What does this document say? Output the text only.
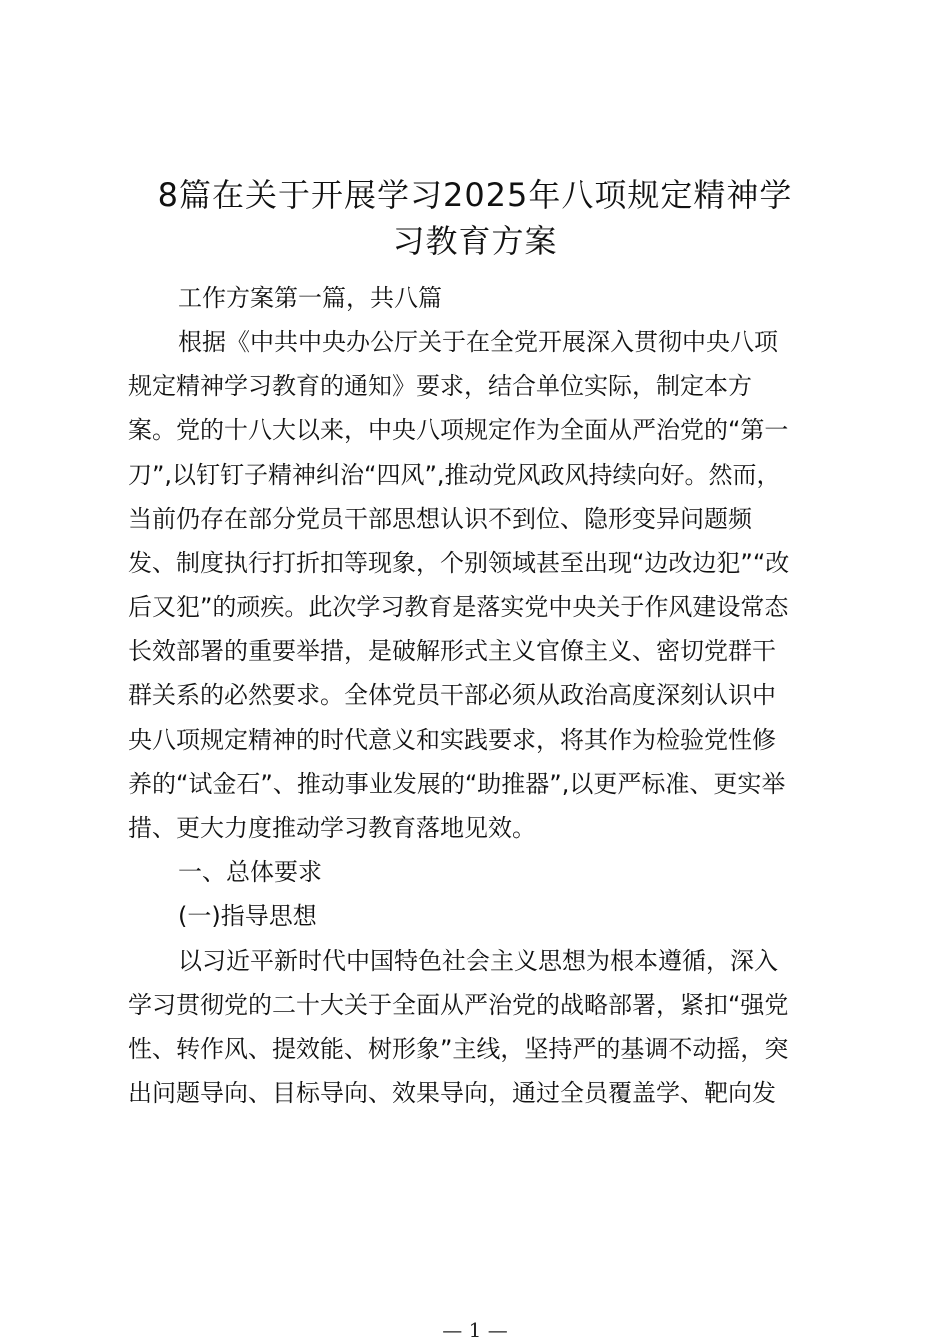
8篇在关于开展学习2025年八项规定精神学
习教育方案

工作方案第一篇，共八篇

根据《中共中央办公厅关于在全党开展深入贯彻中央八项

规定精神学习教育的通知》要求，结合单位实际，制定本方

案。党的十八大以来，中央八项规定作为全面从严治党的“第一

刀”,以钉钉子精神纠治“四风”,推动党风政风持续向好。然而，

当前仍存在部分党员干部思想认识不到位、隐形变异问题频

发、制度执行打折扣等现象，个别领域甚至出现“边改边犯”“改

后又犯”的顽疾。此次学习教育是落实党中央关于作风建设常态

长效部署的重要举措，是破解形式主义官僚主义、密切党群干

群关系的必然要求。全体党员干部必须从政治高度深刻认识中

央八项规定精神的时代意义和实践要求，将其作为检验党性修

养的“试金石”、推动事业发展的“助推器”,以更严标准、更实举

措、更大力度推动学习教育落地见效。

一、总体要求

(一)指导思想

以习近平新时代中国特色社会主义思想为根本遵循，深入

学习贯彻党的二十大关于全面从严治党的战略部署，紧扣“强党

性、转作风、提效能、树形象”主线，坚持严的基调不动摇，突

出问题导向、目标导向、效果导向，通过全员覆盖学、靶向发

— 1 —
